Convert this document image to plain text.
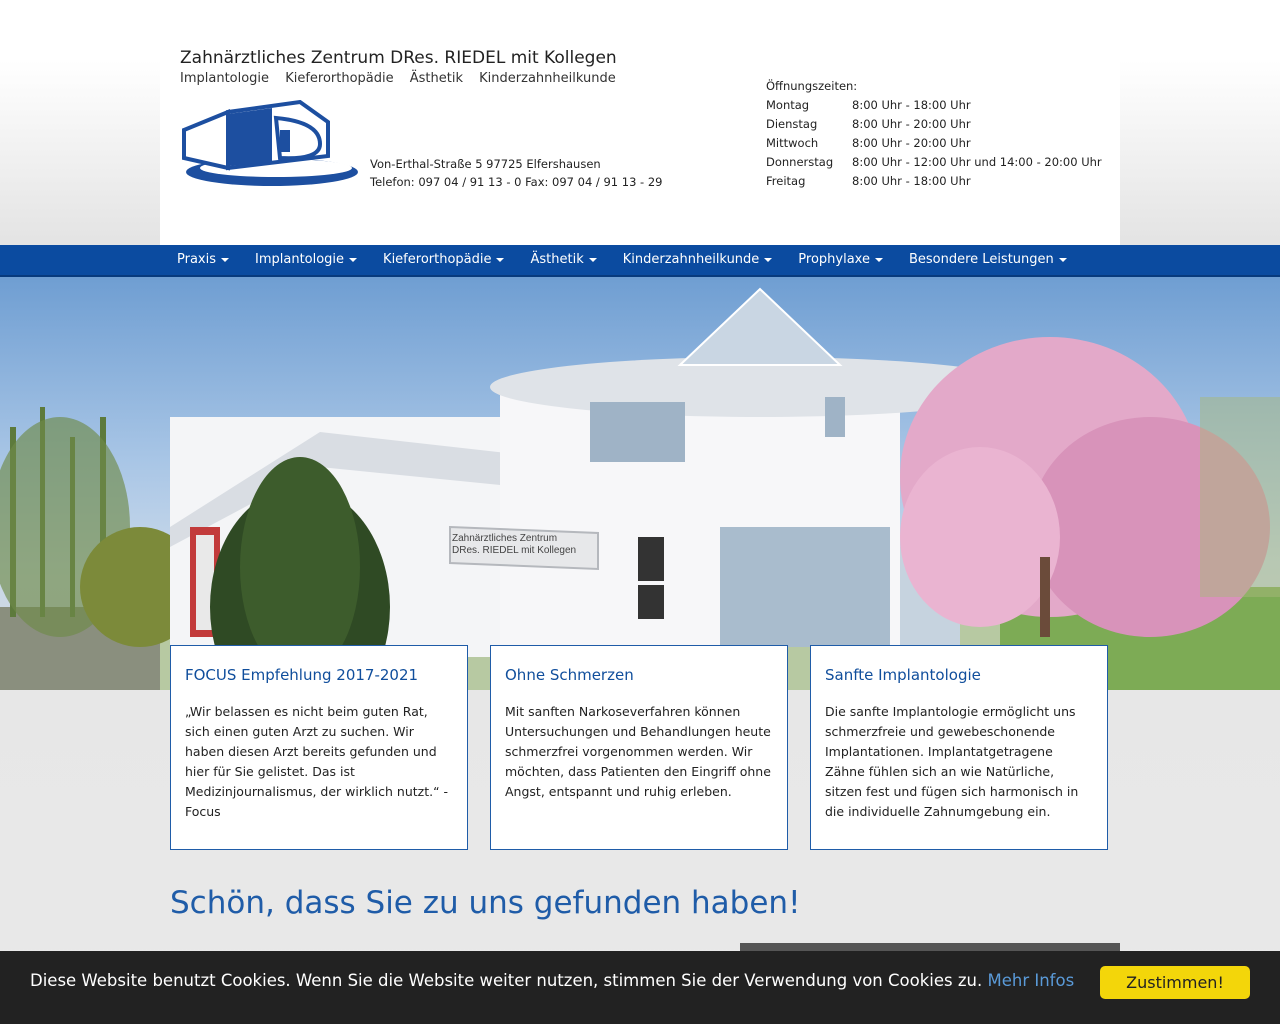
Zahnärztliches Zentrum DRes. RIEDEL mit Kollegen
Implantologie Kieferorthopädie Ästhetik Kinderzahnheilkunde
Von-Erthal-Straße 5 97725 Elfershausen
Telefon: 097 04 / 91 13 - 0 Fax: 097 04 / 91 13 - 29
Öffnungszeiten:
Montag	8:00 Uhr - 18:00 Uhr
Dienstag	8:00 Uhr - 20:00 Uhr
Mittwoch	8:00 Uhr - 20:00 Uhr
Donnerstag 8:00 Uhr - 12:00 Uhr und 14:00 - 20:00 Uhr
Freitag	8:00 Uhr - 18:00 Uhr
Praxis	Implantologie	Kieferorthopädie	Ästhetik	Kinderzahnheilkunde	Prophylaxe	Besondere Leistungen
Zahnärztliches Zentrum
DRes. RIEDEL mit Kollegen
FOCUS Empfehlung 2017-2021
„Wir belassen es nicht beim guten Rat, sich einen guten Arzt zu suchen. Wir haben diesen Arzt bereits gefunden und hier für Sie gelistet. Das ist Medizinjournalismus, der wirklich nutzt.“ - Focus
Ohne Schmerzen
Mit sanften Narkoseverfahren können Untersuchungen und Behandlungen heute schmerzfrei vorgenommen werden. Wir möchten, dass Patienten den Eingriff ohne Angst, entspannt und ruhig erleben.
Sanfte Implantologie
Die sanfte Implantologie ermöglicht uns schmerzfreie und gewebeschonende Implantationen. Implantatgetragene Zähne fühlen sich an wie Natürliche, sitzen fest und fügen sich harmonisch in die individuelle Zahnumgebung ein.
Schön, dass Sie zu uns gefunden haben!
Diese Website benutzt Cookies. Wenn Sie die Website weiter nutzen, stimmen Sie der Verwendung von Cookies zu. Mehr Infos	Zustimmen!
